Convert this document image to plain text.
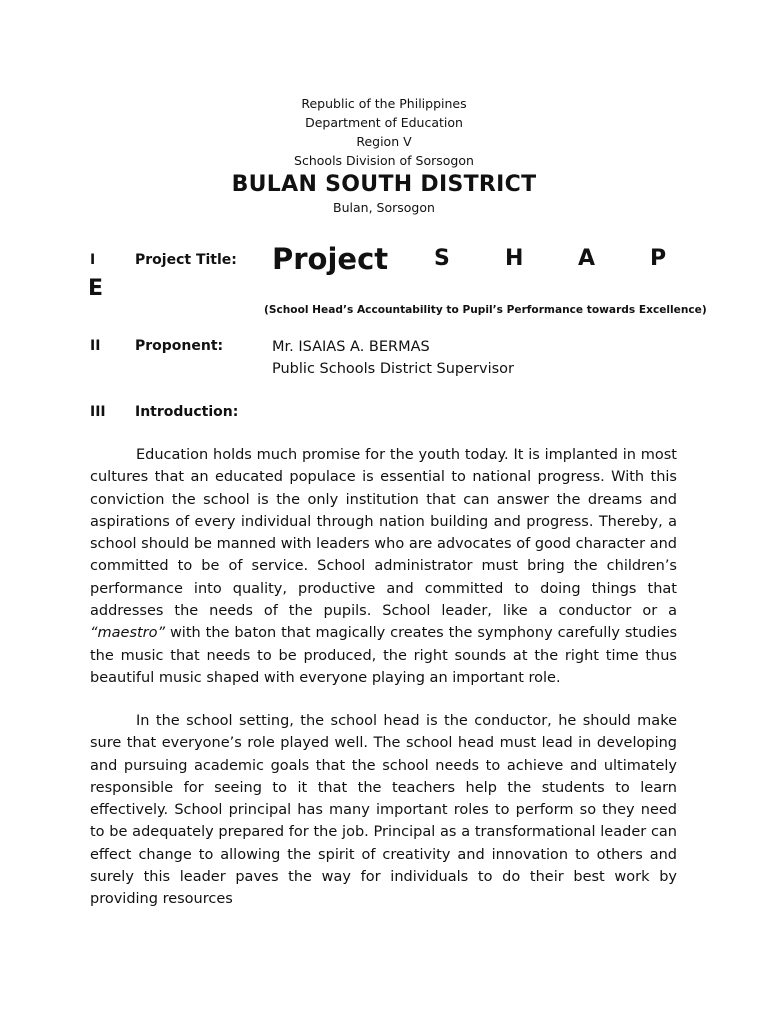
Republic of the Philippines
Department of Education
Region V
Schools Division of Sorsogon
BULAN SOUTH DISTRICT
Bulan, Sorsogon
I	Project Title: Project S	H A P
E
(School Head’s Accountability to Pupil’s Performance towards Excellence)
II Proponent:	Mr. ISAIAS A. BERMAS
Public Schools District Supervisor
III Introduction:

Education holds much promise for the youth today. It is implanted in most cultures that an educated populace is essential to national progress. With this conviction the school is the only institution that can answer the dreams and aspirations of every individual through nation building and progress. Thereby, a school should be manned with leaders who are advocates of good character and committed to be of service. School administrator must bring the children’s performance into quality, productive and committed to doing things that addresses the needs of the pupils. School leader, like a conductor or a “maestro” with the baton that magically creates the symphony carefully studies the music that needs to be produced, the right sounds at the right time thus beautiful music shaped with everyone playing an important role.

In the school setting, the school head is the conductor, he should make sure that everyone’s role played well. The school head must lead in developing and pursuing academic goals that the school needs to achieve and ultimately responsible for seeing to it that the teachers help the students to learn effectively. School principal has many important roles to perform so they need to be adequately prepared for the job. Principal as a transformational leader can effect change to allowing the spirit of creativity and innovation to others and surely this leader paves the way for individuals to do their best work by providing resources
